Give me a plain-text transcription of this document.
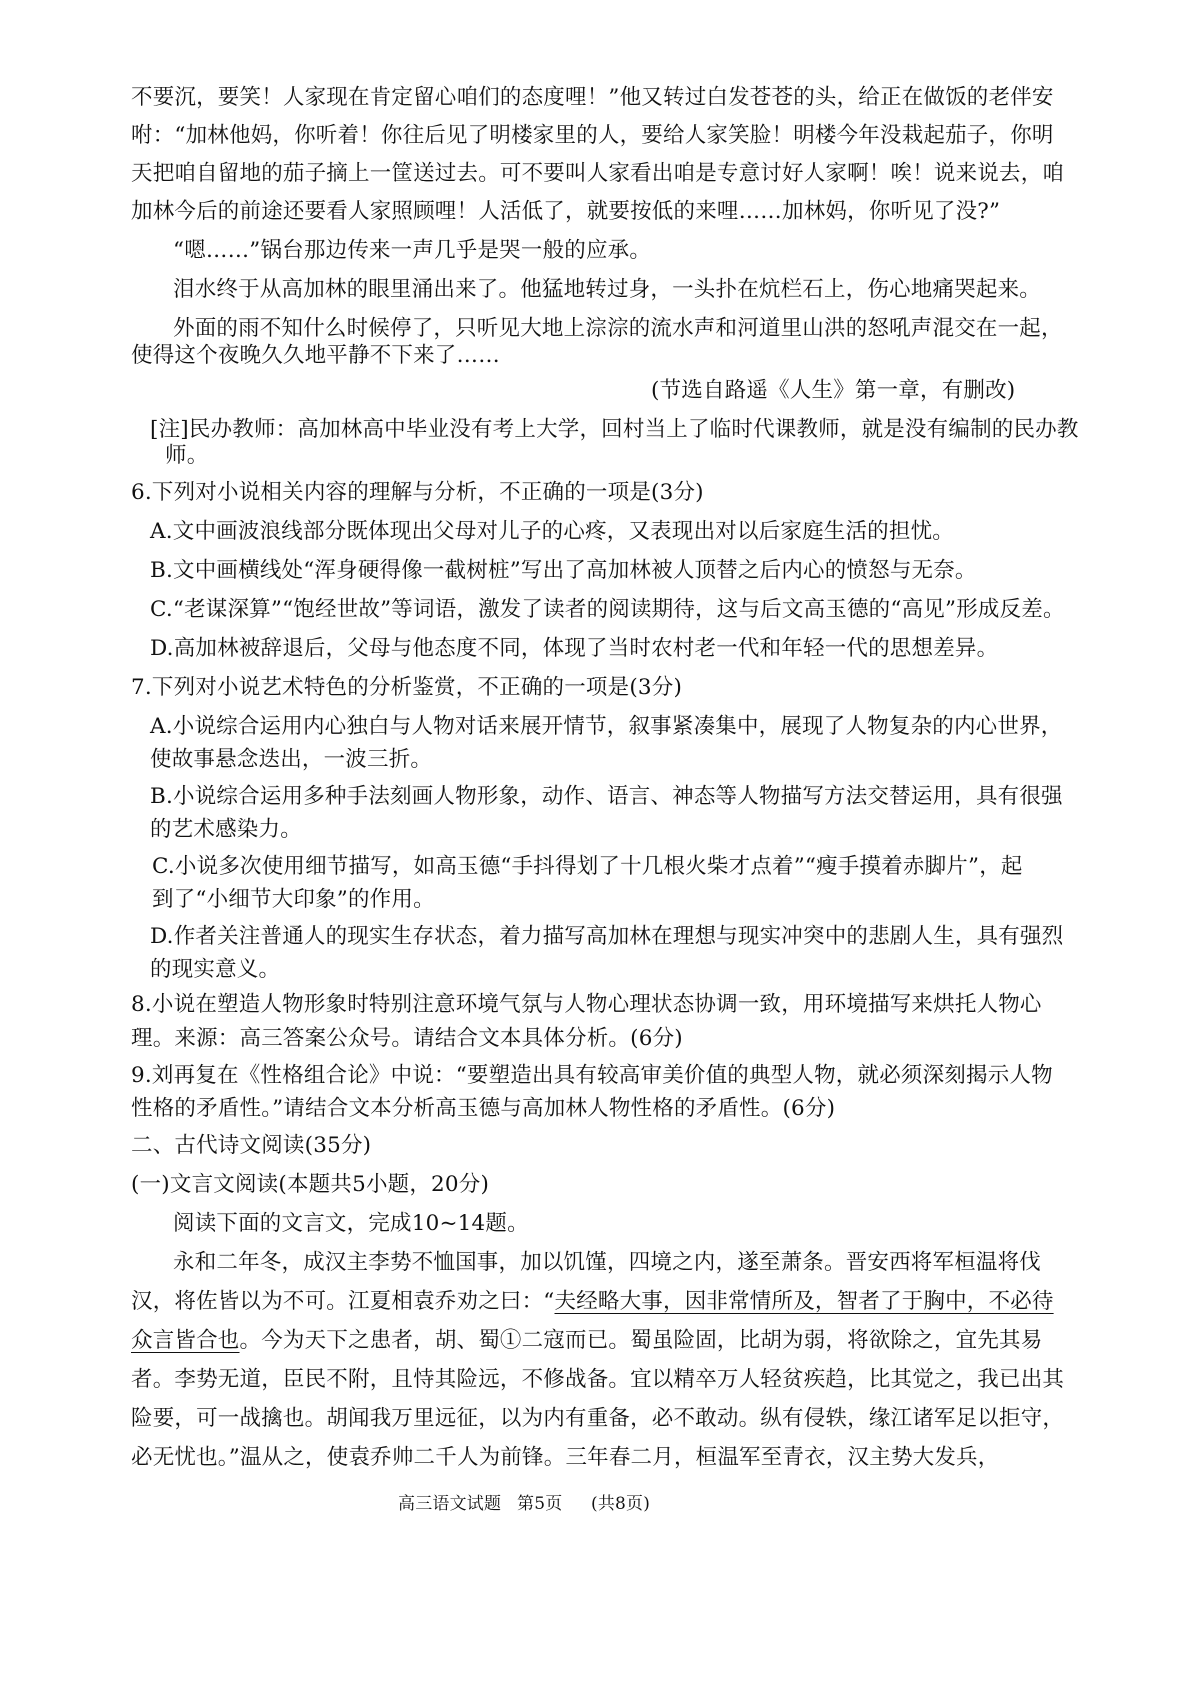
不要沉，要笑！人家现在肯定留心咱们的态度哩！”他又转过白发苍苍的头，给正在做饭的老伴安
咐：“加林他妈，你听着！你往后见了明楼家里的人，要给人家笑脸！明楼今年没栽起茄子，你明
天把咱自留地的茄子摘上一筐送过去。可不要叫人家看出咱是专意讨好人家啊！唉！说来说去，咱
加林今后的前途还要看人家照顾哩！人活低了，就要按低的来哩……加林妈，你听见了没?”
“嗯……”锅台那边传来一声几乎是哭一般的应承。
泪水终于从高加林的眼里涌出来了。他猛地转过身，一头扑在炕栏石上，伤心地痛哭起来。
外面的雨不知什么时候停了，只听见大地上淙淙的流水声和河道里山洪的怒吼声混交在一起，
使得这个夜晚久久地平静不下来了……
(节选自路遥《人生》第一章，有删改)
[注]民办教师：高加林高中毕业没有考上大学，回村当上了临时代课教师，就是没有编制的民办教
师。
6.下列对小说相关内容的理解与分析，不正确的一项是(3分)
A.文中画波浪线部分既体现出父母对儿子的心疼，又表现出对以后家庭生活的担忧。
B.文中画横线处“浑身硬得像一截树桩”写出了高加林被人顶替之后内心的愤怒与无奈。
C.“老谋深算”“饱经世故”等词语，激发了读者的阅读期待，这与后文高玉德的“高见”形成反差。
D.高加林被辞退后，父母与他态度不同，体现了当时农村老一代和年轻一代的思想差异。
7.下列对小说艺术特色的分析鉴赏，不正确的一项是(3分)
A.小说综合运用内心独白与人物对话来展开情节，叙事紧凑集中，展现了人物复杂的内心世界，
使故事悬念迭出，一波三折。
B.小说综合运用多种手法刻画人物形象，动作、语言、神态等人物描写方法交替运用，具有很强
的艺术感染力。
C.小说多次使用细节描写，如高玉德“手抖得划了十几根火柴才点着”“瘦手摸着赤脚片”，起
到了“小细节大印象”的作用。
D.作者关注普通人的现实生存状态，着力描写高加林在理想与现实冲突中的悲剧人生，具有强烈
的现实意义。
8.小说在塑造人物形象时特别注意环境气氛与人物心理状态协调一致，用环境描写来烘托人物心
理。来源：高三答案公众号。请结合文本具体分析。(6分)
9.刘再复在《性格组合论》中说：“要塑造出具有较高审美价值的典型人物，就必须深刻揭示人物
性格的矛盾性。”请结合文本分析高玉德与高加林人物性格的矛盾性。(6分)
二、古代诗文阅读(35分)
(一)文言文阅读(本题共5小题，20分)
阅读下面的文言文，完成10~14题。
永和二年冬，成汉主李势不恤国事，加以饥馑，四境之内，遂至萧条。晋安西将军桓温将伐
汉，将佐皆以为不可。江夏相袁乔劝之曰：“夫经略大事，因非常情所及，智者了于胸中，不必待
众言皆合也。今为天下之患者，胡、蜀①二寇而已。蜀虽险固，比胡为弱，将欲除之，宜先其易
者。李势无道，臣民不附，且恃其险远，不修战备。宜以精卒万人轻贫疾趋，比其觉之，我已出其
险要，可一战擒也。胡闻我万里远征，以为内有重备，必不敢动。纵有侵轶，缘江诸军足以拒守，
必无忧也。”温从之，使袁乔帅二千人为前锋。三年春二月，桓温军至青衣，汉主势大发兵，
高三语文试题 第5页 (共8页)
